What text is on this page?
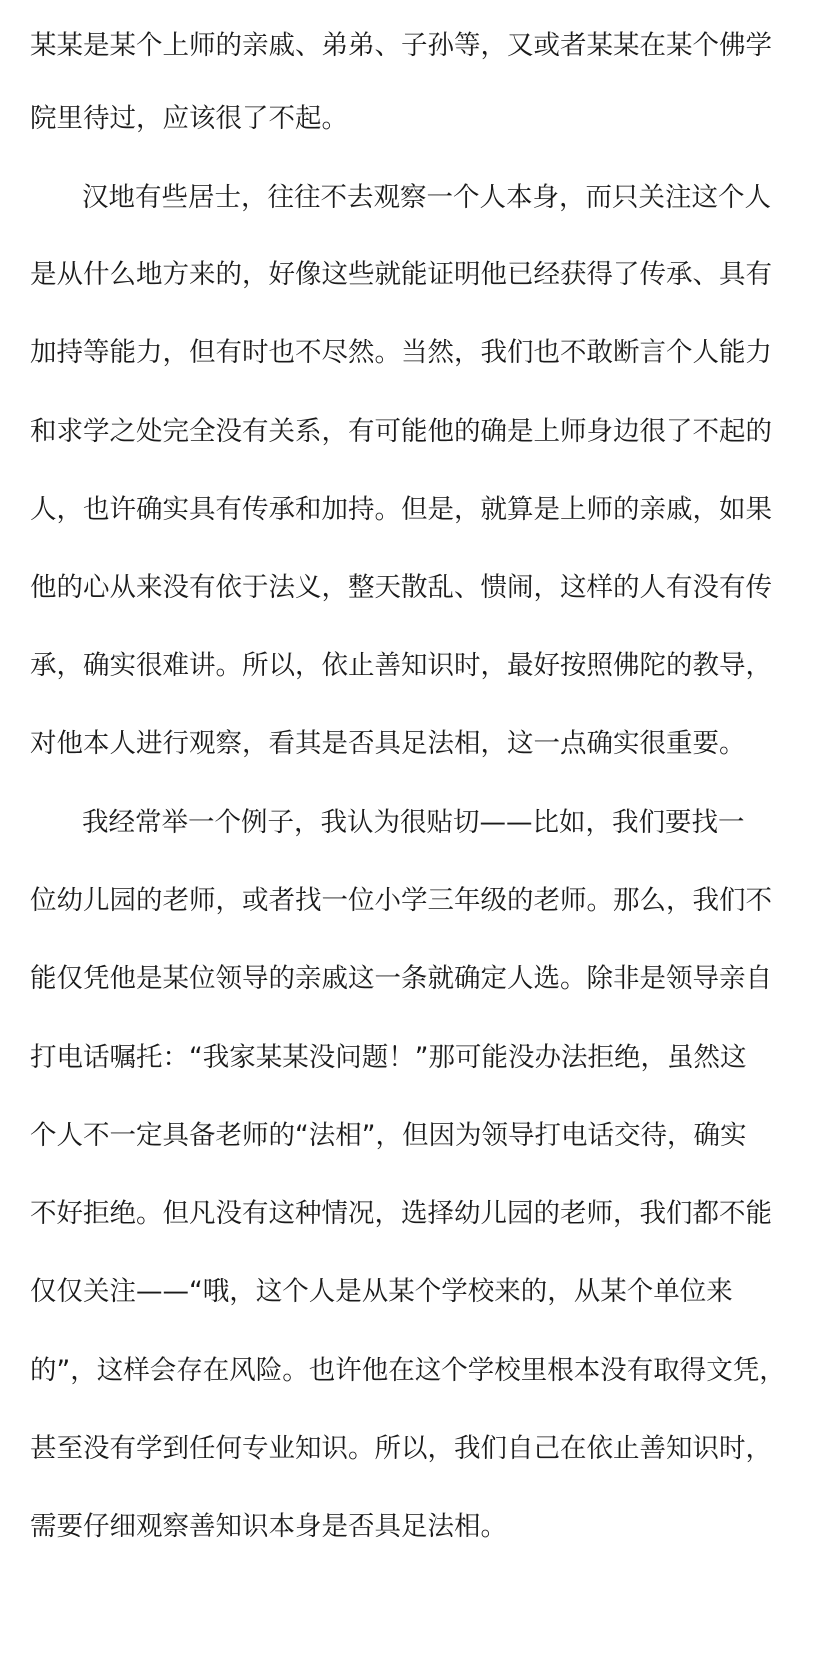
某某是某个上师的亲戚、弟弟、子孙等，又或者某某在某个佛学

院里待过，应该很了不起。

汉地有些居士，往往不去观察一个人本身，而只关注这个人

是从什么地方来的，好像这些就能证明他已经获得了传承、具有

加持等能力，但有时也不尽然。当然，我们也不敢断言个人能力

和求学之处完全没有关系，有可能他的确是上师身边很了不起的

人，也许确实具有传承和加持。但是，就算是上师的亲戚，如果

他的心从来没有依于法义，整天散乱、愦闹，这样的人有没有传

承，确实很难讲。所以，依止善知识时，最好按照佛陀的教导，

对他本人进行观察，看其是否具足法相，这一点确实很重要。

我经常举一个例子，我认为很贴切——比如，我们要找一

位幼儿园的老师，或者找一位小学三年级的老师。那么，我们不

能仅凭他是某位领导的亲戚这一条就确定人选。除非是领导亲自

打电话嘱托：“我家某某没问题！”那可能没办法拒绝，虽然这

个人不一定具备老师的“法相”，但因为领导打电话交待，确实

不好拒绝。但凡没有这种情况，选择幼儿园的老师，我们都不能

仅仅关注——“哦，这个人是从某个学校来的，从某个单位来

的”，这样会存在风险。也许他在这个学校里根本没有取得文凭，

甚至没有学到任何专业知识。所以，我们自己在依止善知识时，

需要仔细观察善知识本身是否具足法相。
